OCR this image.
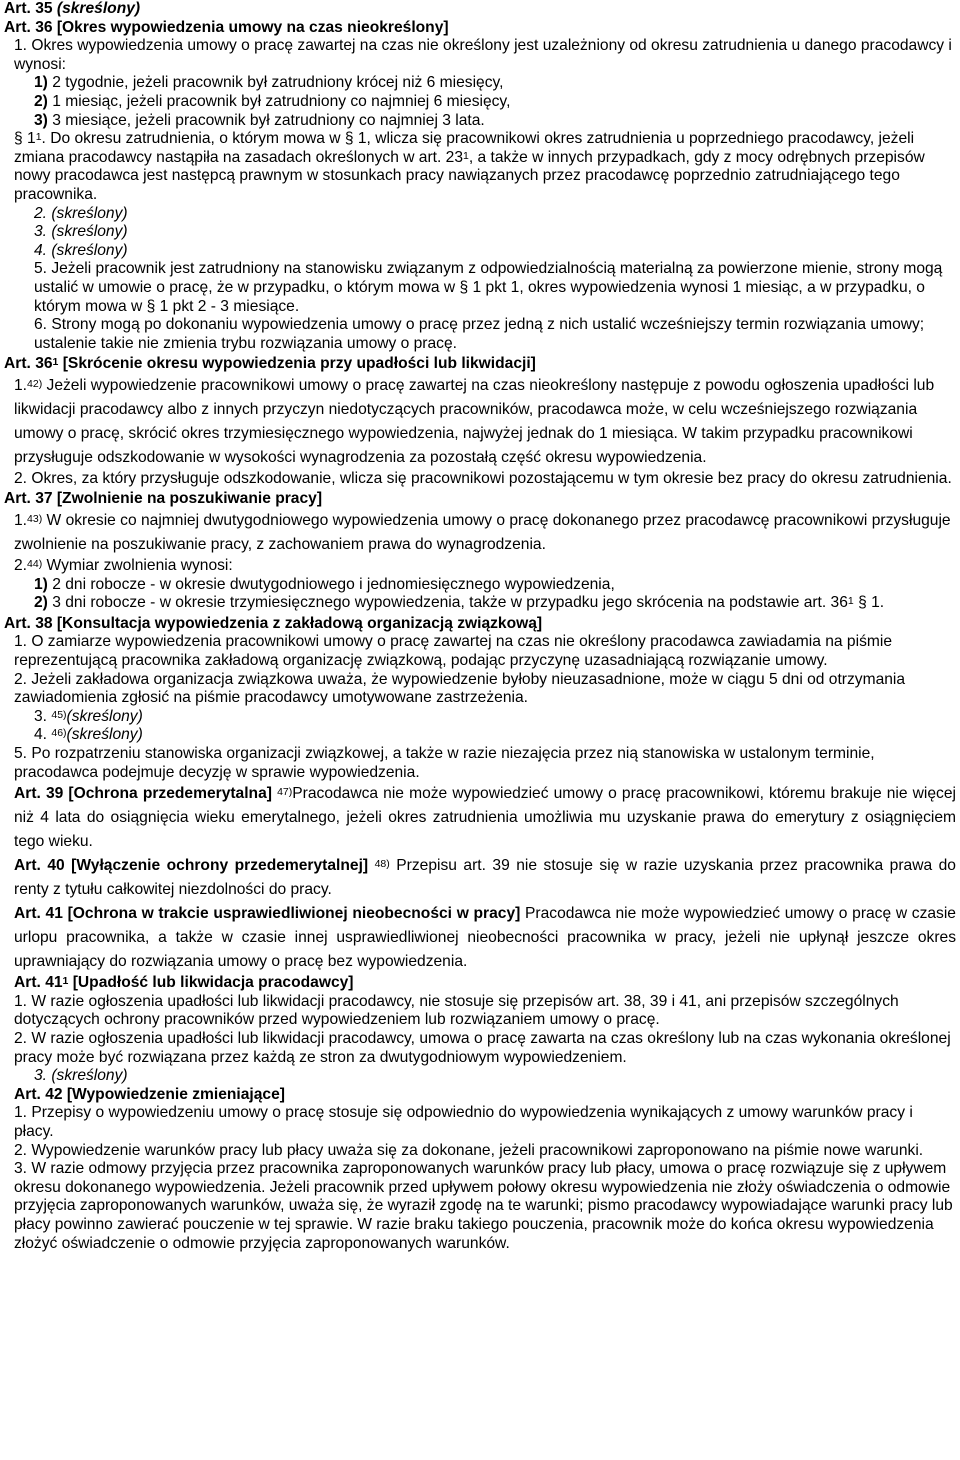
Art. 35 (skreślony)

Art. 36 [Okres wypowiedzenia umowy na czas nieokreślony]

1. Okres wypowiedzenia umowy o pracę zawartej na czas nie określony jest uzależniony od okresu zatrudnienia u danego pracodawcy i wynosi:

1) 2 tygodnie, jeżeli pracownik był zatrudniony krócej niż 6 miesięcy,

2) 1 miesiąc, jeżeli pracownik był zatrudniony co najmniej 6 miesięcy,

3) 3 miesiące, jeżeli pracownik był zatrudniony co najmniej 3 lata.

§ $1^1$. Do okresu zatrudnienia, o którym mowa w § 1, wlicza się pracownikowi okres zatrudnienia u poprzedniego pracodawcy, jeżeli zmiana pracodawcy nastąpiła na zasadach określonych w art. $23^1$, a także w innych przypadkach, gdy z mocy odrębnych przepisów nowy pracodawca jest następcą prawnym w stosunkach pracy nawiązanych przez pracodawcę poprzednio zatrudniającego tego pracownika.

2. (skreślony)

3. (skreślony)

4. (skreślony)

5. Jeżeli pracownik jest zatrudniony na stanowisku związanym z odpowiedzialnością materialną za powierzone mienie, strony mogą ustalić w umowie o pracę, że w przypadku, o którym mowa w § 1 pkt 1, okres wypowiedzenia wynosi 1 miesiąc, a w przypadku, o którym mowa w § 1 pkt 2 - 3 miesiące.

6. Strony mogą po dokonaniu wypowiedzenia umowy o pracę przez jedną z nich ustalić wcześniejszy termin rozwiązania umowy; ustalenie takie nie zmienia trybu rozwiązania umowy o pracę.

Art. $36^1$ [Skrócenie okresu wypowiedzenia przy upadłości lub likwidacji]

1.$^{42)}$ Jeżeli wypowiedzenie pracownikowi umowy o pracę zawartej na czas nieokreślony następuje z powodu ogłoszenia upadłości lub likwidacji pracodawcy albo z innych przyczyn niedotyczących pracowników, pracodawca może, w celu wcześniejszego rozwiązania umowy o pracę, skrócić okres trzymiesięcznego wypowiedzenia, najwyżej jednak do 1 miesiąca. W takim przypadku pracownikowi przysługuje odszkodowanie w wysokości wynagrodzenia za pozostałą część okresu wypowiedzenia.

2. Okres, za który przysługuje odszkodowanie, wlicza się pracownikowi pozostającemu w tym okresie bez pracy do okresu zatrudnienia.

Art. 37 [Zwolnienie na poszukiwanie pracy]

1.$^{43)}$ W okresie co najmniej dwutygodniowego wypowiedzenia umowy o pracę dokonanego przez pracodawcę pracownikowi przysługuje zwolnienie na poszukiwanie pracy, z zachowaniem prawa do wynagrodzenia.

2.$^{44)}$ Wymiar zwolnienia wynosi:

1) 2 dni robocze - w okresie dwutygodniowego i jednomiesięcznego wypowiedzenia,

2) 3 dni robocze - w okresie trzymiesięcznego wypowiedzenia, także w przypadku jego skrócenia na podstawie art. $36^1$ § 1.

Art. 38 [Konsultacja wypowiedzenia z zakładową organizacją związkową]

1. O zamiarze wypowiedzenia pracownikowi umowy o pracę zawartej na czas nie określony pracodawca zawiadamia na piśmie reprezentującą pracownika zakładową organizację związkową, podając przyczynę uzasadniającą rozwiązanie umowy.

2. Jeżeli zakładowa organizacja związkowa uważa, że wypowiedzenie byłoby nieuzasadnione, może w ciągu 5 dni od otrzymania zawiadomienia zgłosić na piśmie pracodawcy umotywowane zastrzeżenia.

3. $^{45)}$(skreślony)

4. $^{46)}$(skreślony)

5. Po rozpatrzeniu stanowiska organizacji związkowej, a także w razie niezajęcia przez nią stanowiska w ustalonym terminie, pracodawca podejmuje decyzję w sprawie wypowiedzenia.

Art. 39 [Ochrona przedemerytalna] $^{47)}$Pracodawca nie może wypowiedzieć umowy o pracę pracownikowi, któremu brakuje nie więcej niż 4 lata do osiągnięcia wieku emerytalnego, jeżeli okres zatrudnienia umożliwia mu uzyskanie prawa do emerytury z osiągnięciem tego wieku.

Art. 40 [Wyłączenie ochrony przedemerytalnej] $^{48)}$ Przepisu art. 39 nie stosuje się w razie uzyskania przez pracownika prawa do renty z tytułu całkowitej niezdolności do pracy.

Art. 41 [Ochrona w trakcie usprawiedliwionej nieobecności w pracy] Pracodawca nie może wypowiedzieć umowy o pracę w czasie urlopu pracownika, a także w czasie innej usprawiedliwionej nieobecności pracownika w pracy, jeżeli nie upłynął jeszcze okres uprawniający do rozwiązania umowy o pracę bez wypowiedzenia.

Art. $41^1$ [Upadłość lub likwidacja pracodawcy]

1. W razie ogłoszenia upadłości lub likwidacji pracodawcy, nie stosuje się przepisów art. 38, 39 i 41, ani przepisów szczególnych dotyczących ochrony pracowników przed wypowiedzeniem lub rozwiązaniem umowy o pracę.

2. W razie ogłoszenia upadłości lub likwidacji pracodawcy, umowa o pracę zawarta na czas określony lub na czas wykonania określonej pracy może być rozwiązana przez każdą ze stron za dwutygodniowym wypowiedzeniem.

3. (skreślony)

Art. 42 [Wypowiedzenie zmieniające]

1. Przepisy o wypowiedzeniu umowy o pracę stosuje się odpowiednio do wypowiedzenia wynikających z umowy warunków pracy i płacy.

2. Wypowiedzenie warunków pracy lub płacy uważa się za dokonane, jeżeli pracownikowi zaproponowano na piśmie nowe warunki.

3. W razie odmowy przyjęcia przez pracownika zaproponowanych warunków pracy lub płacy, umowa o pracę rozwiązuje się z upływem okresu dokonanego wypowiedzenia. Jeżeli pracownik przed upływem połowy okresu wypowiedzenia nie złoży oświadczenia o odmowie przyjęcia zaproponowanych warunków, uważa się, że wyraził zgodę na te warunki; pismo pracodawcy wypowiadające warunki pracy lub płacy powinno zawierać pouczenie w tej sprawie. W razie braku takiego pouczenia, pracownik może do końca okresu wypowiedzenia złożyć oświadczenie o odmowie przyjęcia zaproponowanych warunków.
